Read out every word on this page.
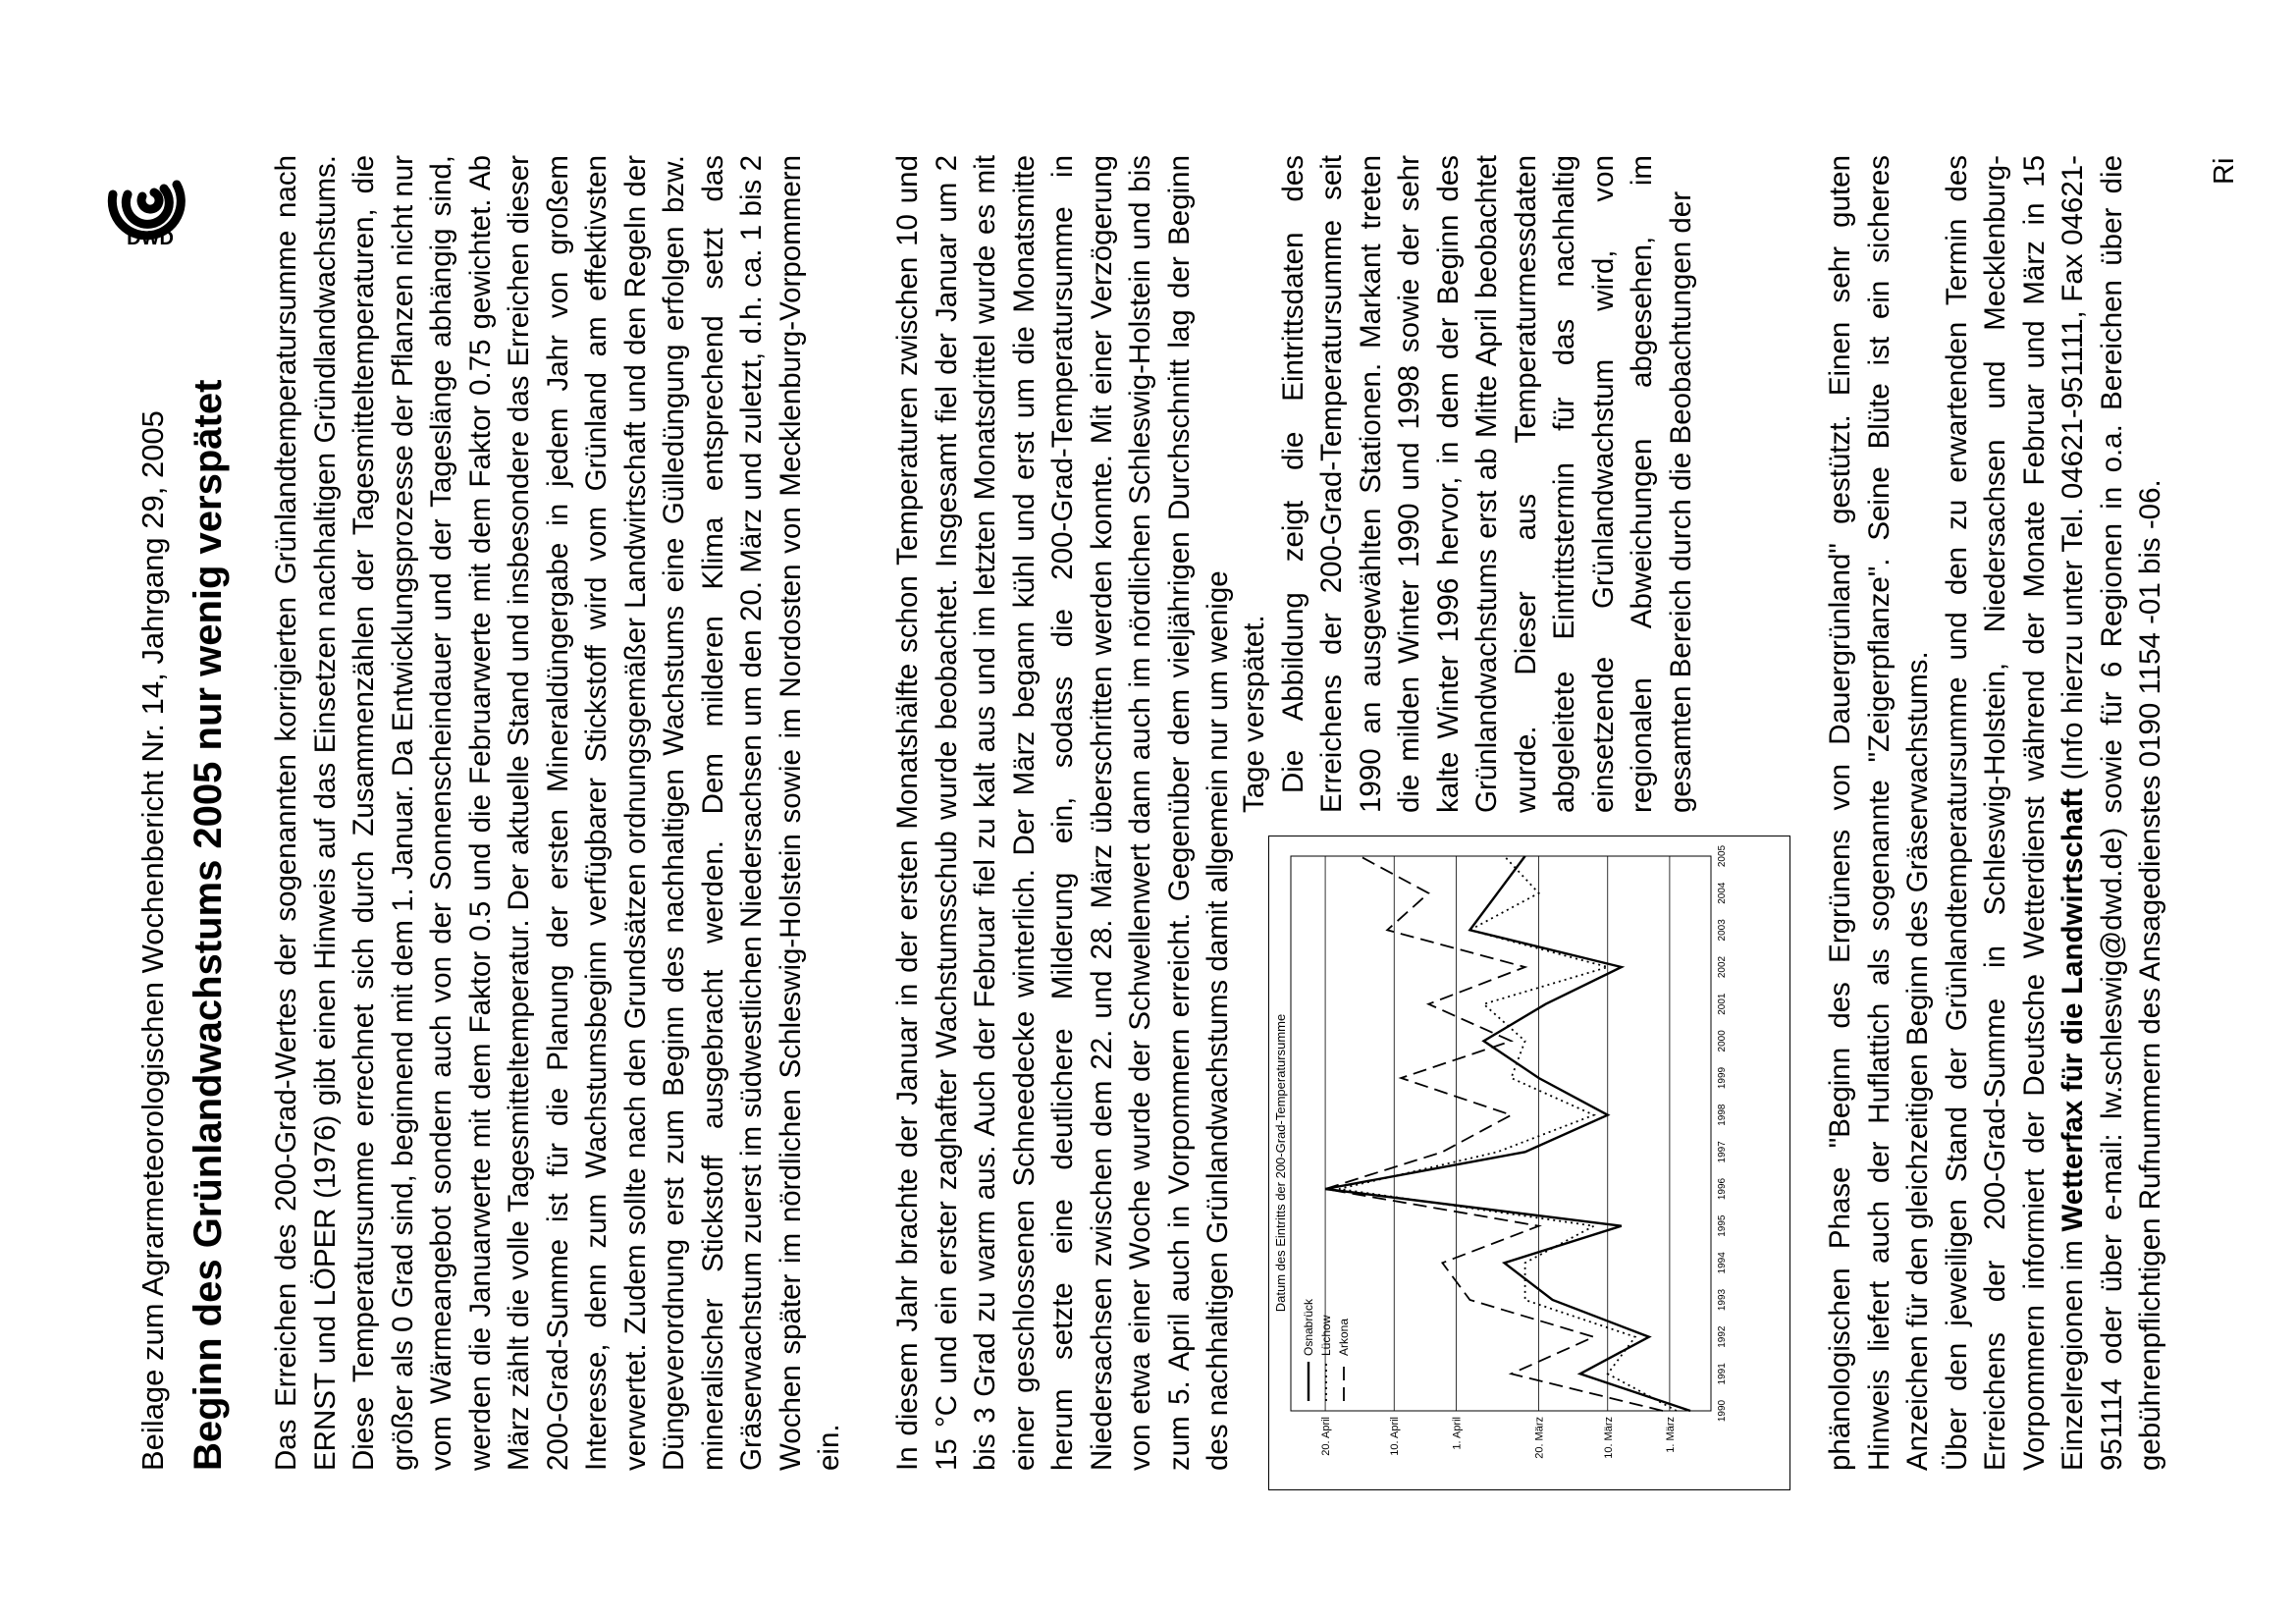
Beilage zum Agrarmeteorologischen Wochenbericht Nr. 14, Jahrgang 29, 2005 Beginn des Grünlandwachstums 2005 nur wenig verspätet
DWD	Das Erreichen des 200-Grad-Wertes der sogenannten korrigierten Grünlandtemperatursumme nach ERNST und LÖPER (1976) gibt einen Hinweis auf das Einsetzen nachhaltigen Gründlandwachstums. Diese Temperatursumme errechnet sich durch Zusammenzählen der Tagesmitteltemperaturen, die größer als 0 Grad sind, beginnend mit dem 1. Januar. Da Entwicklungsprozesse der Pflanzen nicht nur vom Wärmeangebot sondern auch von der Sonnenscheindauer und der Tageslänge abhängig sind, werden die Januarwerte mit dem Faktor 0.5 und die Februarwerte mit dem Faktor 0.75 gewichtet. Ab März zählt die volle Tagesmitteltemperatur. Der aktuelle Stand und insbesondere das Erreichen dieser 200-Grad-Summe ist für die Planung der ersten Mineraldüngergabe in jedem Jahr von großem Interesse, denn zum Wachstumsbeginn verfügbarer Stickstoff wird vom Grünland am effektivsten verwertet. Zudem sollte nach den Grundsätzen ordnungsgemäßer Landwirtschaft und den Regeln der Düngeverordnung erst zum Beginn des nachhaltigen Wachstums eine Gülledüngung erfolgen bzw. mineralischer Stickstoff ausgebracht werden. Dem milderen Klima entsprechend setzt das Gräserwachstum zuerst im südwestlichen Niedersachsen um den 20. März und zuletzt, d.h. ca. 1 bis 2 Wochen später im nördlichen Schleswig-Holstein sowie im Nordosten von Mecklenburg-Vorpommern ein. In diesem Jahr brachte der Januar in der ersten Monatshälfte schon Temperaturen zwischen 10 und 15 °C und ein erster zaghafter Wachstumsschub wurde beobachtet. Insgesamt fiel der Januar um 2 bis 3 Grad zu warm aus. Auch der Februar fiel zu kalt aus und im letzten Monatsdrittel wurde es mit einer geschlossenen Schneedecke winterlich. Der März begann kühl und erst um die Monatsmitte herum setzte eine deutlichere Milderung ein, sodass die 200-Grad-Temperatursumme in Niedersachsen zwischen dem 22. und 28. März überschritten werden konnte. Mit einer Verzögerung von etwa einer Woche wurde der Schwellenwert dann auch im nördlichen Schleswig-Holstein und bis zum 5. April auch in Vorpommern erreicht. Gegenüber dem vieljährigen Durchschnitt lag der Beginn des nachhaltigen Grünlandwachstums damit allgemein nur um wenige Tage verspätet. Die Abbildung zeigt die Eintrittsdaten des Erreichens der 200-Grad-Temperatursumme seit 1990 an ausgewählten Stationen. Markant treten die milden Winter 1990 und 1998 sowie der sehr kalte Winter 1996 hervor, in dem der Beginn des Grünlandwachstums erst ab Mitte April beobachtet wurde. Dieser aus Temperaturmessdaten abgeleitete Eintrittstermin für das nachhaltig einsetzende Grünlandwachstum wird, von regionalen Abweichungen abgesehen, im gesamten Bereich durch die Beobachtungen der

Datum des Eintritts der 200-Grad-Temperatursumme
1. März
10. März
20. März
1. April
10. April
20. April
1990
1991
1992
1993
1994
1995
1996
1997
1998
1999
2000
2001
2002
2003
2004
2005
Osnabrück Lüchow Arkona	phänologischen Phase "Beginn des Ergrünens von Dauergrünland" gestützt. Einen sehr guten Hinweis liefert auch der Huflattich als sogenannte "Zeigerpflanze". Seine Blüte ist ein sicheres Anzeichen für den gleichzeitigen Beginn des Gräserwachstums. Über den jeweiligen Stand der Grünlandtemperatursumme und den zu erwartenden Termin des Erreichens der 200-Grad-Summe in Schleswig-Holstein, Niedersachsen und Mecklenburg-Vorpommern informiert der Deutsche Wetterdienst während der Monate Februar und März in 15 Einzelregionen im Wetterfax für die Landwirtschaft (Info hierzu unter Tel. 04621-951111, Fax 04621-951114 oder über e-mail: lw.schleswig@dwd.de) sowie für 6 Regionen in o.a. Bereichen über die gebührenpflichtigen Rufnummern des Ansagedienstes 0190 1154 -01 bis -06.

Ri
